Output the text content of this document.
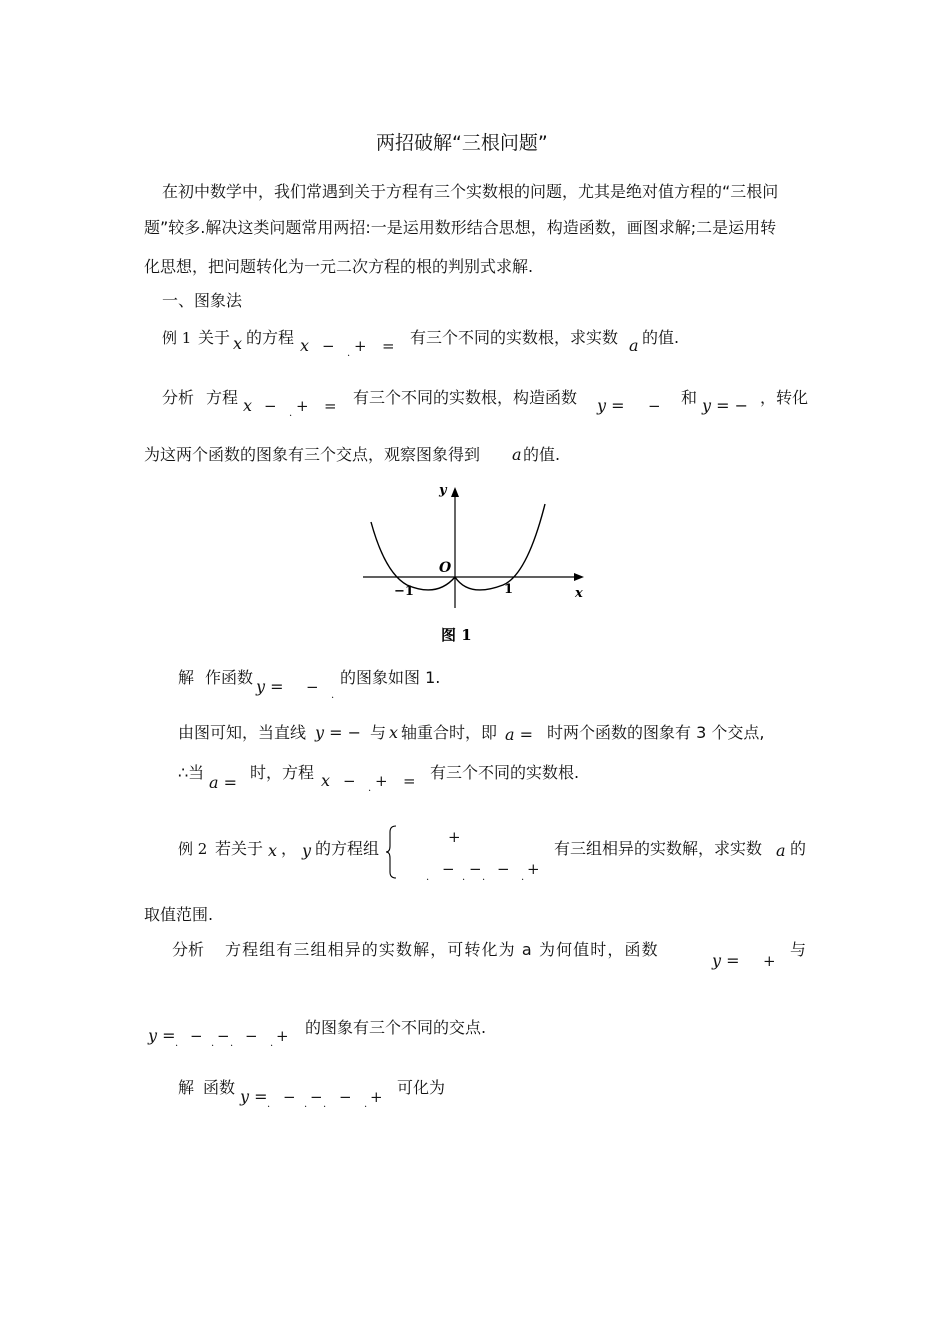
两招破解“三根问题”
在初中数学中，我们常遇到关于方程有三个实数根的问题，尤其是绝对值方程的“三根问
题”较多.解决这类问题常用两招:一是运用数形结合思想，构造函数，画图求解;二是运用转
化思想，把问题转化为一元二次方程的根的判别式求解.
一、图象法
例 1 关于 x 的方程 x − . + = 有三个不同的实数根，求实数 a 的值.
分析 方程 x − . + = 有三个不同的实数根，构造函数 y = − 和 y = − ，转化
为这两个函数的图象有三个交点，观察图象得到 a 的值.
y
x
O
−1	1
图 1
解 作函数 y = − .
的图象如图 1.
由图可知，当直线 y = − 与 x 轴重合时，即 a = 时两个函数的图象有 3 个交点,
∴当
a =
时，方程 x − . + = 有三个不同的实数根.
例 2 若关于 x ， y 的方程组
+
. − . − . − . +
有三组相异的实数解，求实数 a 的
取值范围.
分析 方程组有三组相异的实数解，可转化为 a 为何值时，函数
y = +
与
y = . − . − . − . + 的图象有三个不同的交点.
解 函数 y = . − . − . − . + 可化为
